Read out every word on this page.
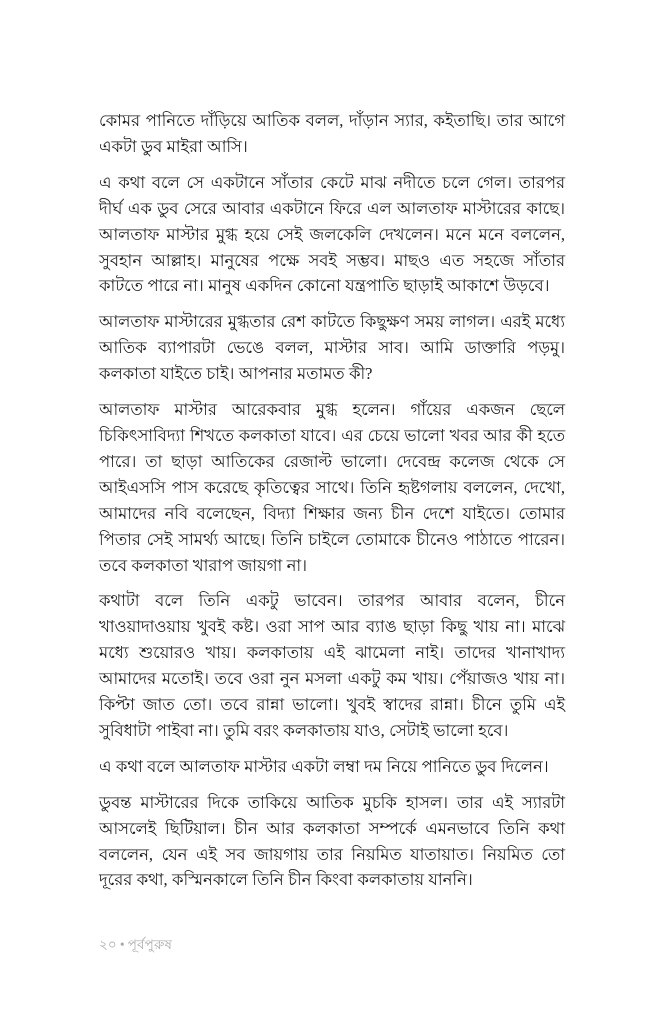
কোমর পানিতে দাঁড়িয়ে আতিক বলল, দাঁড়ান স্যার, কইতাছি। তার আগে একটা ডুব মাইরা আসি।

এ কথা বলে সে একটানে সাঁতার কেটে মাঝ নদীতে চলে গেল। তারপর দীর্ঘ এক ডুব সেরে আবার একটানে ফিরে এল আলতাফ মাস্টারের কাছে। আলতাফ মাস্টার মুগ্ধ হয়ে সেই জলকেলি দেখলেন। মনে মনে বললেন, সুবহান আল্লাহ। মানুষের পক্ষে সবই সম্ভব। মাছও এত সহজে সাঁতার কাটতে পারে না। মানুষ একদিন কোনো যন্ত্রপাতি ছাড়াই আকাশে উড়বে।

আলতাফ মাস্টারের মুগ্ধতার রেশ কাটতে কিছুক্ষণ সময় লাগল। এরই মধ্যে আতিক ব্যাপারটা ভেঙে বলল, মাস্টার সাব। আমি ডাক্তারি পড়মু। কলকাতা যাইতে চাই। আপনার মতামত কী?

আলতাফ মাস্টার আরেকবার মুগ্ধ হলেন। গাঁয়ের একজন ছেলে চিকিৎসাবিদ্যা শিখতে কলকাতা যাবে। এর চেয়ে ভালো খবর আর কী হতে পারে। তা ছাড়া আতিকের রেজাল্ট ভালো। দেবেন্দ্র কলেজ থেকে সে আইএসসি পাস করেছে কৃতিত্বের সাথে। তিনি হৃষ্টগলায় বললেন, দেখো, আমাদের নবি বলেছেন, বিদ্যা শিক্ষার জন্য চীন দেশে যাইতে। তোমার পিতার সেই সামর্থ্য আছে। তিনি চাইলে তোমাকে চীনেও পাঠাতে পারেন। তবে কলকাতা খারাপ জায়গা না।

কথাটা বলে তিনি একটু ভাবেন। তারপর আবার বলেন, চীনে খাওয়াদাওয়ায় খুবই কষ্ট। ওরা সাপ আর ব্যাঙ ছাড়া কিছু খায় না। মাঝে মধ্যে শুয়োরও খায়। কলকাতায় এই ঝামেলা নাই। তাদের খানাখাদ্য আমাদের মতোই। তবে ওরা নুন মসলা একটু কম খায়। পেঁয়াজও খায় না। কিপ্টা জাত তো। তবে রান্না ভালো। খুবই স্বাদের রান্না। চীনে তুমি এই সুবিধাটা পাইবা না। তুমি বরং কলকাতায় যাও, সেটাই ভালো হবে।

এ কথা বলে আলতাফ মাস্টার একটা লম্বা দম নিয়ে পানিতে ডুব দিলেন।

ডুবন্ত মাস্টারের দিকে তাকিয়ে আতিক মুচকি হাসল। তার এই স্যারটা আসলেই ছিটিয়াল। চীন আর কলকাতা সম্পর্কে এমনভাবে তিনি কথা বললেন, যেন এই সব জায়গায় তার নিয়মিত যাতায়াত। নিয়মিত তো দূরের কথা, কস্মিনকালে তিনি চীন কিংবা কলকাতায় যাননি।

২০ • পূর্বপুরুষ
